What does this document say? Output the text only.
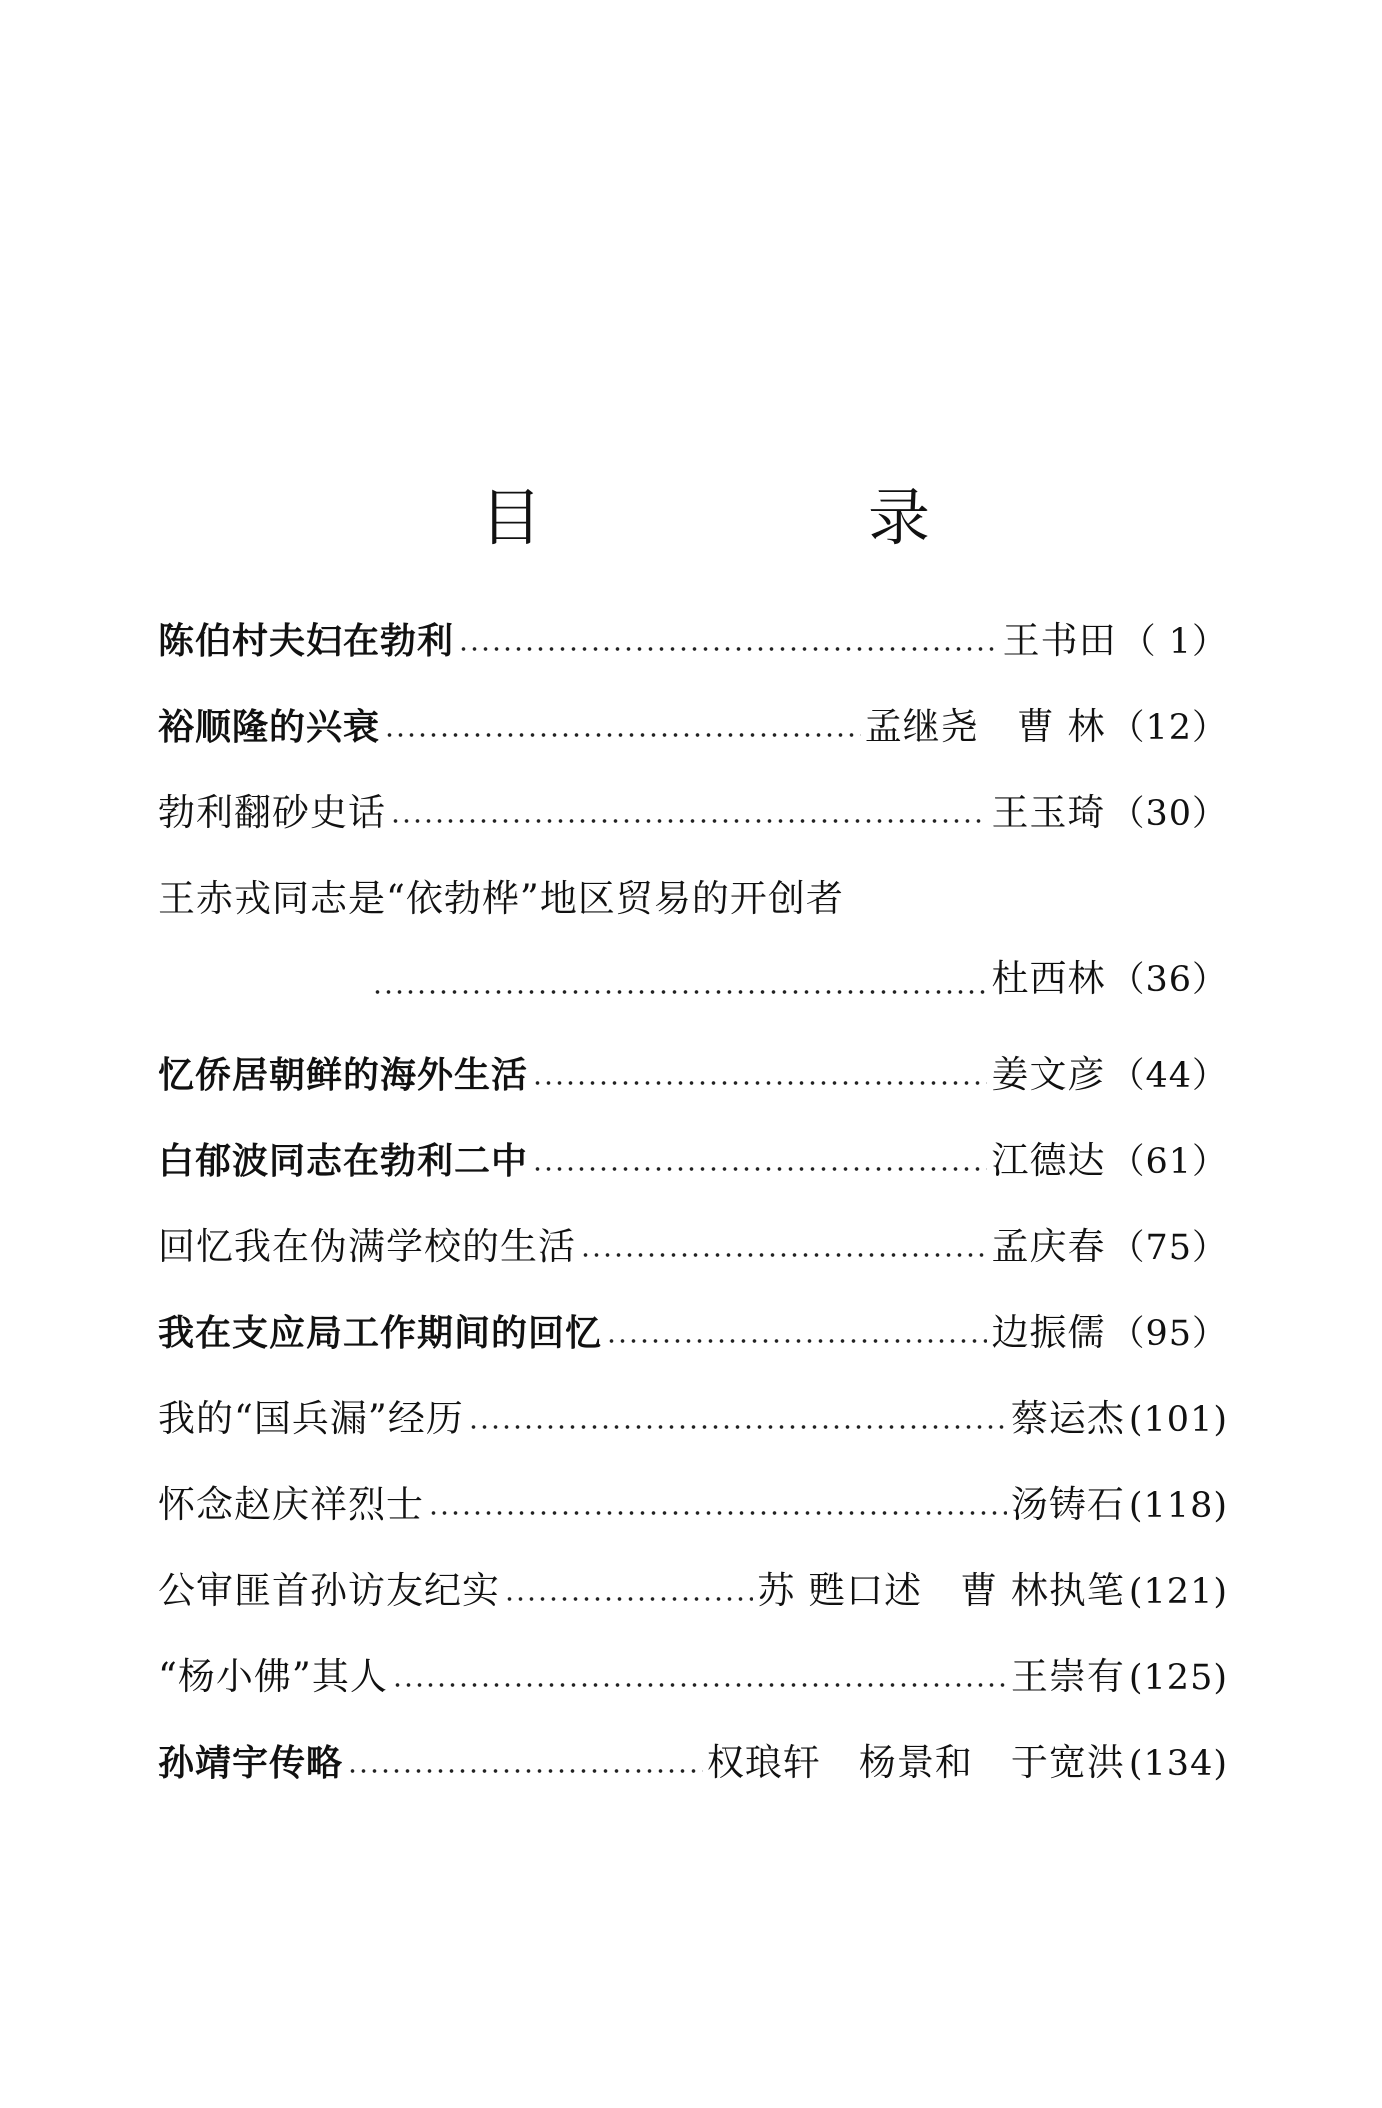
目	录
陈伯村夫妇在勃利	王书田 （ 1）
裕顺隆的兴衰	孟继尧 曹 林 （12）
勃利翻砂史话	王玉琦 （30）
王赤戎同志是“依勃桦”地区贸易的开创者
杜西林 （36）
忆侨居朝鲜的海外生活	姜文彦 （44）
白郁波同志在勃利二中	江德达 （61）
回忆我在伪满学校的生活	孟庆春 （75）
我在支应局工作期间的回忆	边振儒 （95）
我的“国兵漏”经历	蔡运杰 (101)
怀念赵庆祥烈士	汤铸石 (118)
公审匪首孙访友纪实	苏 甦口述 曹 林执笔 (121)
“杨小佛”其人	王崇有 (125)
孙靖宇传略	权琅轩 杨景和 于宽洪 (134)
